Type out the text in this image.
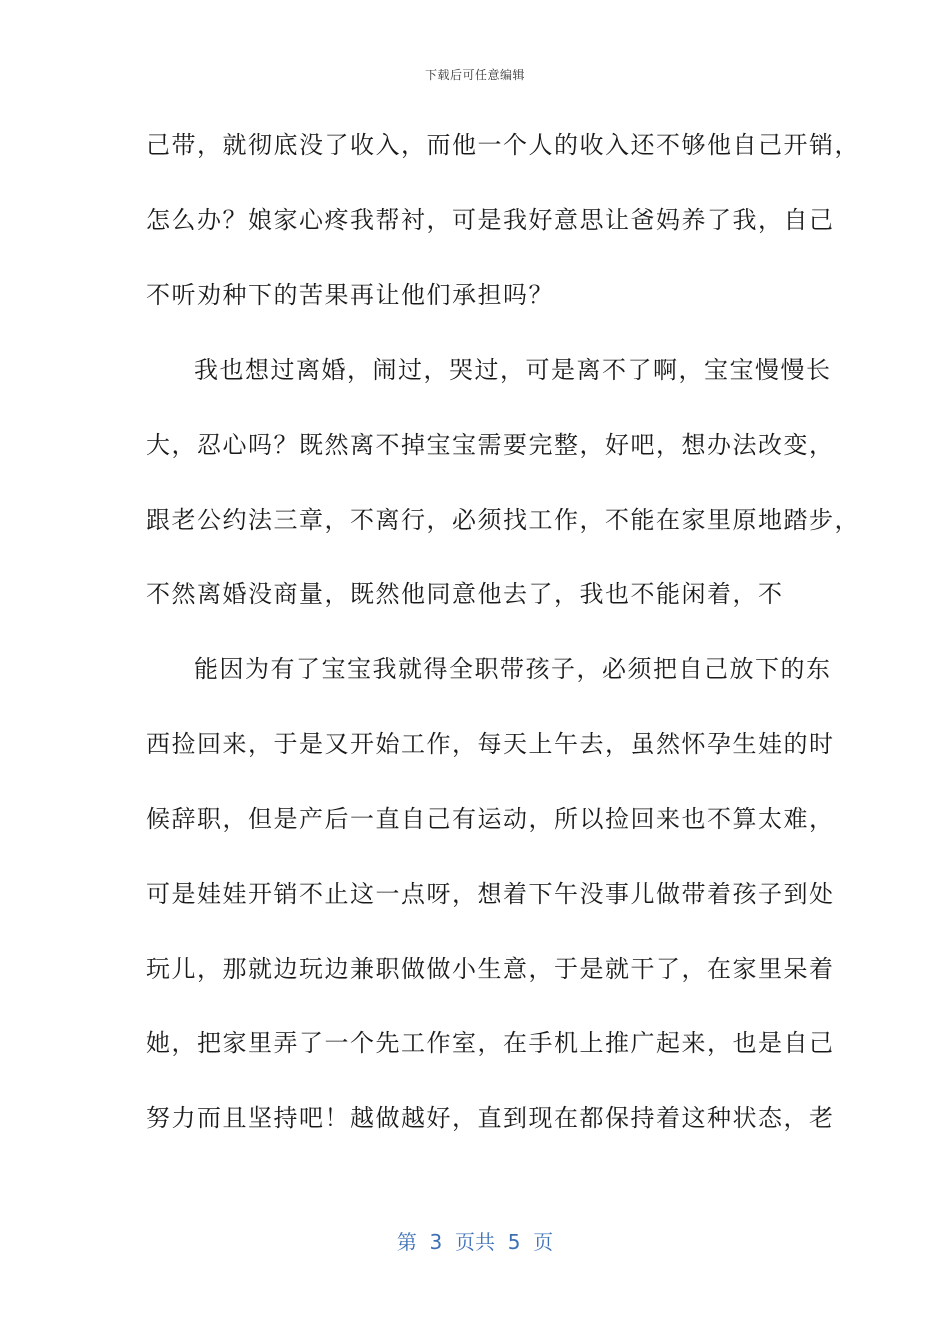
下载后可任意编辑
己带，就彻底没了收入，而他一个人的收入还不够他自己开销，
怎么办？娘家心疼我帮衬，可是我好意思让爸妈养了我，自己
不听劝种下的苦果再让他们承担吗？
我也想过离婚，闹过，哭过，可是离不了啊，宝宝慢慢长
大，忍心吗？既然离不掉宝宝需要完整，好吧，想办法改变，
跟老公约法三章，不离行，必须找工作，不能在家里原地踏步，
不然离婚没商量，既然他同意他去了，我也不能闲着，不
能因为有了宝宝我就得全职带孩子，必须把自己放下的东
西捡回来，于是又开始工作，每天上午去，虽然怀孕生娃的时
候辞职，但是产后一直自己有运动，所以捡回来也不算太难，
可是娃娃开销不止这一点呀，想着下午没事儿做带着孩子到处
玩儿，那就边玩边兼职做做小生意，于是就干了，在家里呆着
她，把家里弄了一个先工作室，在手机上推广起来，也是自己
努力而且坚持吧！越做越好，直到现在都保持着这种状态，老
第  3  页共  5  页
